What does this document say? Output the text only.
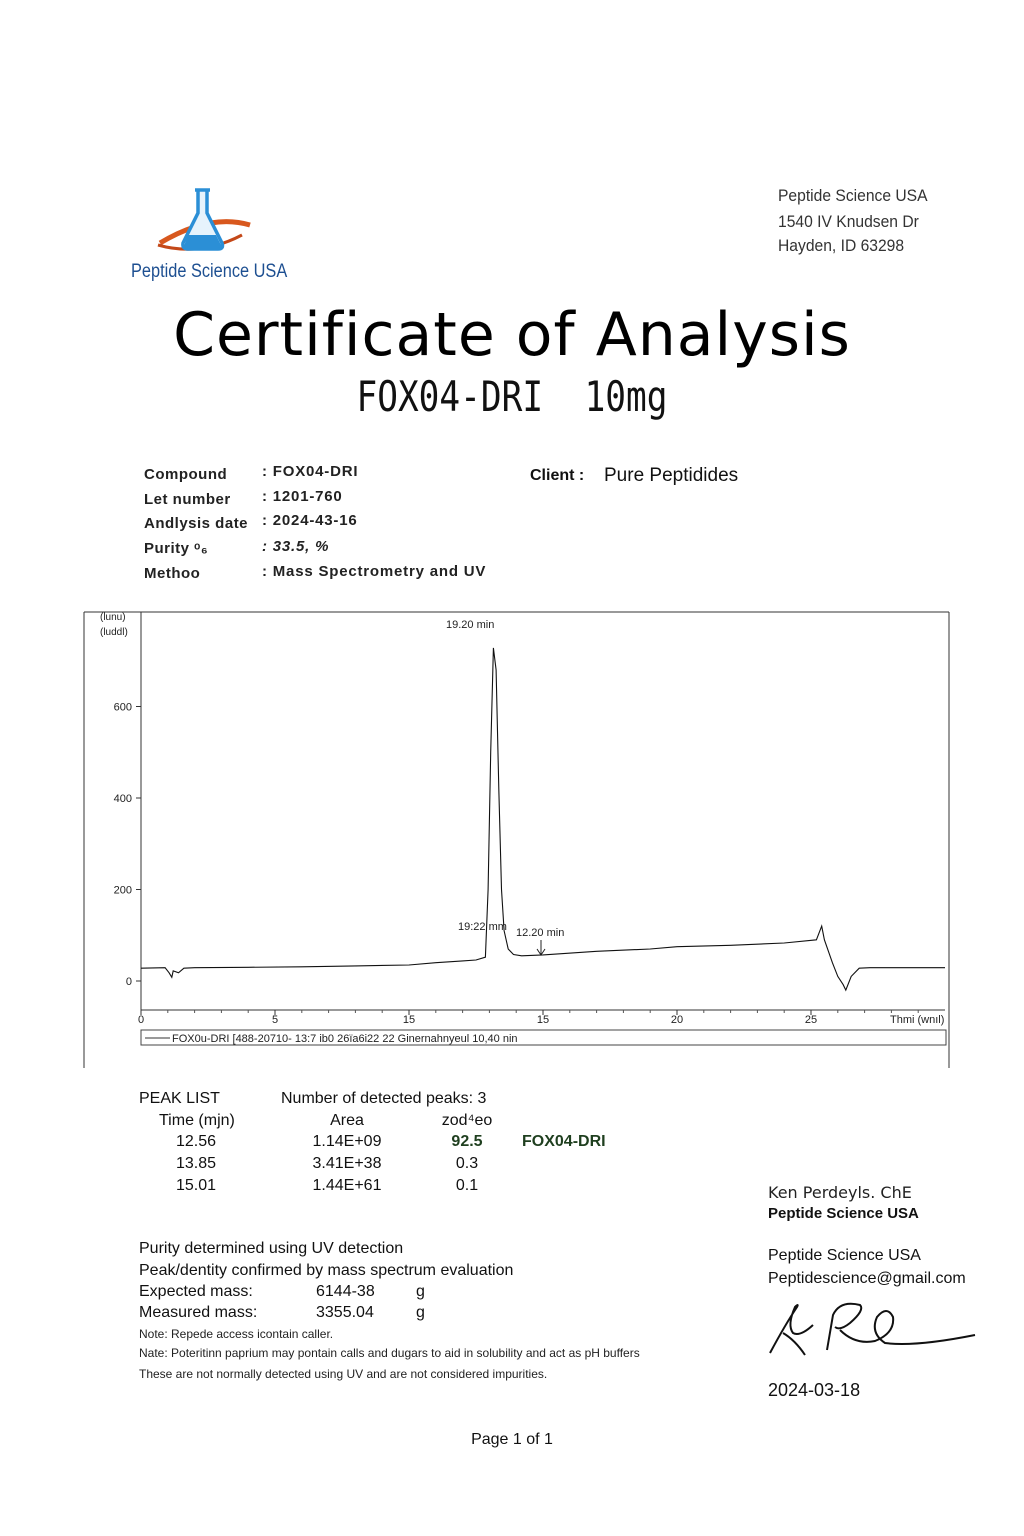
Peptide Science USA
Peptide Science USA
1540 IV Knudsen Dr
Hayden, ID 63298
Certificate of Analysis
FOX04-DRI  10mg
Compound : FOX04-DRI
Let number : 1201-760
Andlysis date : 2024-43-16
Purity ᵒ₆	: 33.5, %
Methoo	: Mass Spectrometry and UV
Client : Pure Peptidides
0
200
400
600
0	5	15	15	20	25
(lunu)
(luddl)
Thmi (wnıl)
19.20 min
19:22 mm 12.20 min
FOX0u-DRI [488-20710- 13:7 ib0 26ïa6i22 22 Ginernahnyeul 10,40 nin
PEAK LIST	Number of detected peaks: 3
Time (mjn)	Area	zod⁴eo
12.56	1.14E+09	92.5	FOX04-DRI
13.85	3.41E+38	0.3
15.01	1.44E+61	0.1
Purity determined using UV detection
Peak/dentity confirmed by mass spectrum evaluation
Expected mass:	6144-38	g
Measured mass:	3355.04	g
Note: Repede access icontain caller.
Nate: Poteritinn paprium may pontain calls and dugars to aid in solubility and act as pH buffers
These are not normally detected using UV and are not considered impurities.
Ken Perdeyls. ChE
Peptide Science USA
Peptide Science USA
Peptidescience@gmail.com
2024-03-18
Page 1 of 1
